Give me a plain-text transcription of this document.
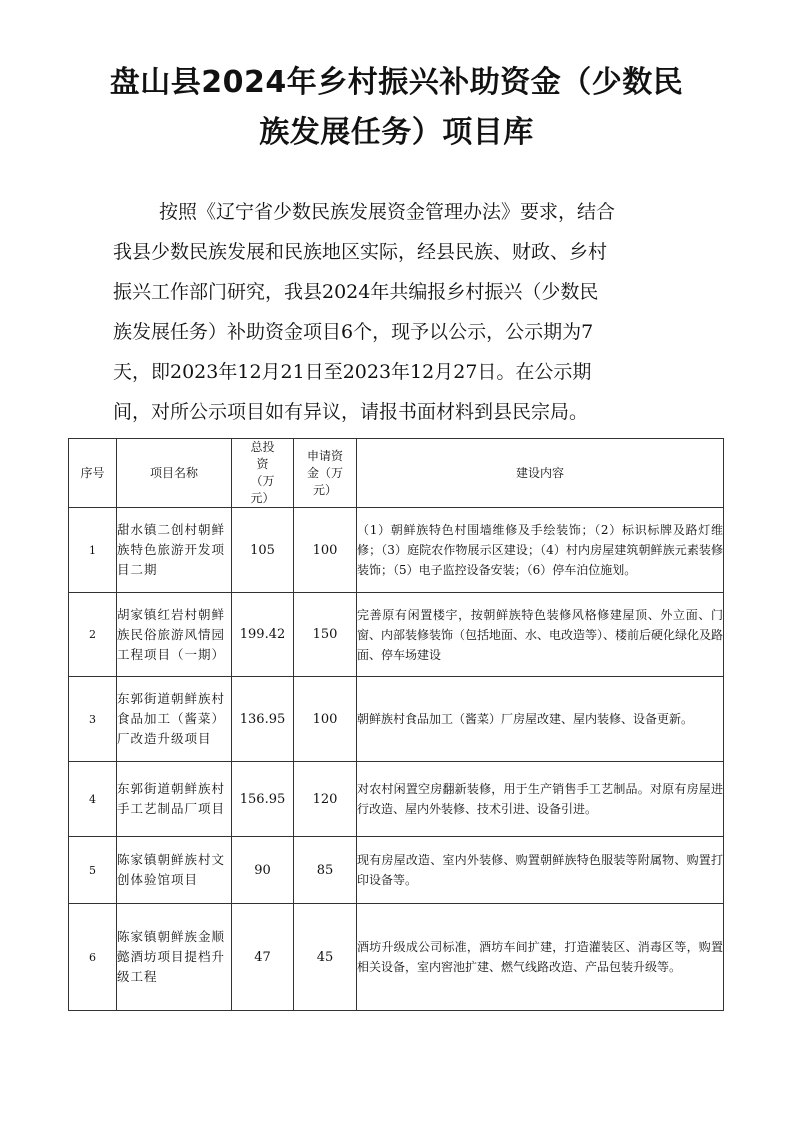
盘山县2024年乡村振兴补助资金（少数民
族发展任务）项目库
按照《辽宁省少数民族发展资金管理办法》要求，结合
我县少数民族发展和民族地区实际，经县民族、财政、乡村
振兴工作部门研究，我县2024年共编报乡村振兴（少数民
族发展任务）补助资金项目6个，现予以公示，公示期为7
天，即2023年12月21日至2023年12月27日。在公示期
间，对所公示项目如有异议，请报书面材料到县民宗局。
序号	项目名称	总投资（万元）	申请资金（万元）	建设内容
1	甜水镇二创村朝鲜族特色旅游开发项目二期	105	100	（1）朝鲜族特色村围墙维修及手绘装饰；（2）标识标牌及路灯维修；（3）庭院农作物展示区建设；（4）村内房屋建筑朝鲜族元素装修装饰；（5）电子监控设备安装；（6）停车泊位施划。
2	胡家镇红岩村朝鲜族民俗旅游风情园工程项目（一期）	199.42	150	完善原有闲置楼宇，按朝鲜族特色装修风格修建屋顶、外立面、门窗、内部装修装饰（包括地面、水、电改造等）、楼前后硬化绿化及路面、停车场建设
3	东郭街道朝鲜族村食品加工（酱菜）厂改造升级项目	136.95	100	朝鲜族村食品加工（酱菜）厂房屋改建、屋内装修、设备更新。
4	东郭街道朝鲜族村手工艺制品厂项目	156.95	120	对农村闲置空房翻新装修，用于生产销售手工艺制品。对原有房屋进行改造、屋内外装修、技术引进、设备引进。
5	陈家镇朝鲜族村文创体验馆项目	90	85	现有房屋改造、室内外装修、购置朝鲜族特色服装等附属物、购置打印设备等。
6	陈家镇朝鲜族金顺懿酒坊项目提档升级工程	47	45	酒坊升级成公司标准，酒坊车间扩建，打造灌装区、消毒区等，购置相关设备，室内窖池扩建、燃气线路改造、产品包装升级等。
